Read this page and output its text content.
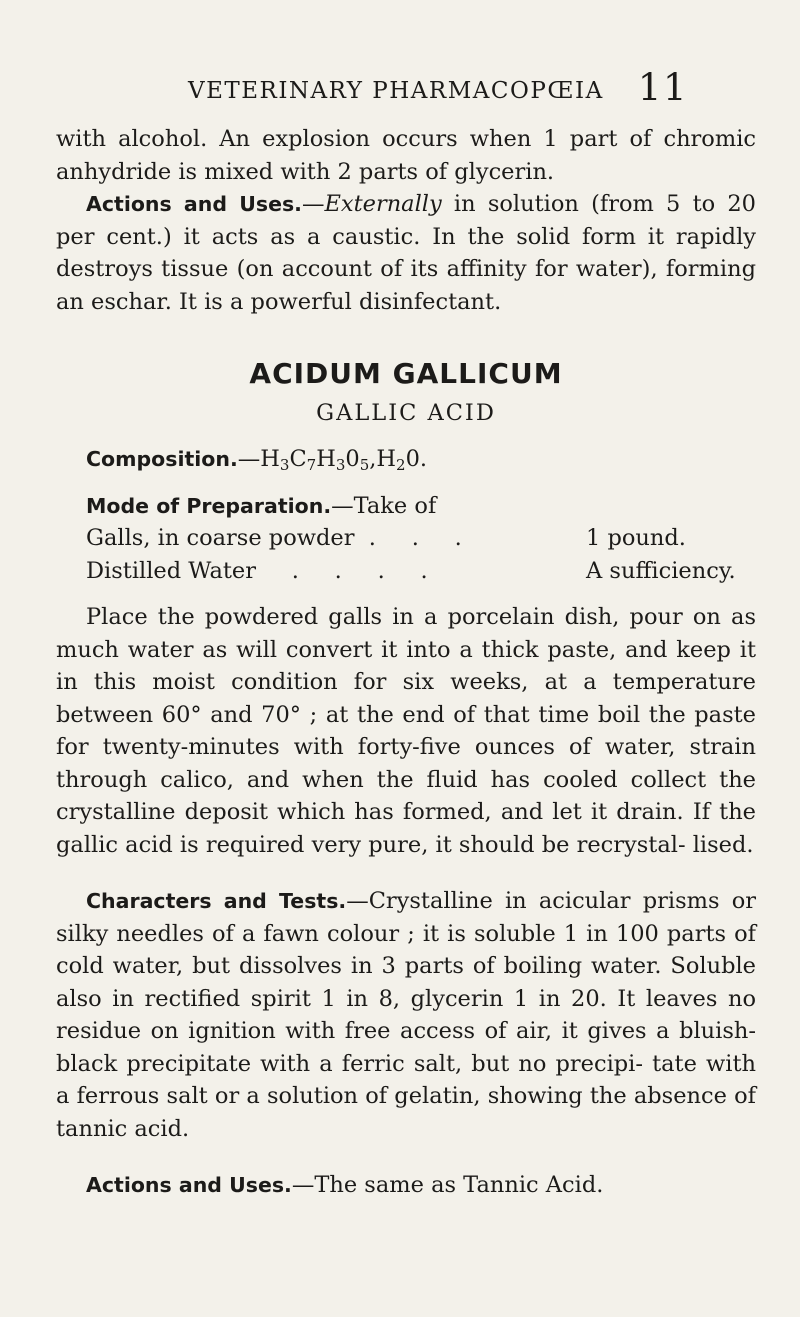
VETERINARY PHARMACOPŒIA 11

with alcohol. An explosion occurs when 1 part of chromic anhydride is mixed with 2 parts of glycerin.

Actions and Uses.—Externally in solution (from 5 to 20 per cent.) it acts as a caustic. In the solid form it rapidly destroys tissue (on account of its affinity for water), forming an eschar. It is a powerful disinfectant.

ACIDUM GALLICUM
GALLIC ACID

$Composition.—H_3C_7H_30_5,H_20$.

Mode of Preparation.—Take of

Galls, in coarse powder  .     .     .	1 pound.
Distilled Water     .     .     .     .	A sufficiency.

Place the powdered galls in a porcelain dish, pour on as much water as will convert it into a thick paste, and keep it in this moist condition for six weeks, at a temperature between 60° and 70° ; at the end of that time boil the paste for twenty-minutes with forty-five ounces of water, strain through calico, and when the fluid has cooled collect the crystalline deposit which has formed, and let it drain. If the gallic acid is required very pure, it should be recrystal- lised.

Characters and Tests.—Crystalline in acicular prisms or silky needles of a fawn colour ; it is soluble 1 in 100 parts of cold water, but dissolves in 3 parts of boiling water. Soluble also in rectified spirit 1 in 8, glycerin 1 in 20. It leaves no residue on ignition with free access of air, it gives a bluish-black precipitate with a ferric salt, but no precipi- tate with a ferrous salt or a solution of gelatin, showing the absence of tannic acid.

Actions and Uses.—The same as Tannic Acid.
